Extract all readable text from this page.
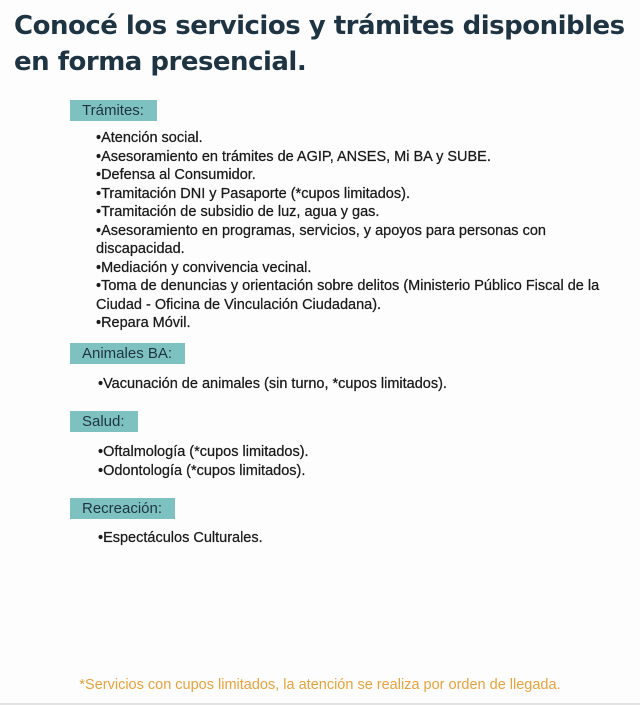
Conocé los servicios y trámites disponibles en forma presencial.
Trámites:
•Atención social.
•Asesoramiento en trámites de AGIP, ANSES, Mi BA y SUBE.
•Defensa al Consumidor.
•Tramitación DNI y Pasaporte (*cupos limitados).
•Tramitación de subsidio de luz, agua y gas.
•Asesoramiento en programas, servicios, y apoyos para personas con discapacidad.
•Mediación y convivencia vecinal.
•Toma de denuncias y orientación sobre delitos (Ministerio Público Fiscal de la Ciudad - Oficina de Vinculación Ciudadana).
•Repara Móvil.
Animales BA:
•Vacunación de animales (sin turno, *cupos limitados).
Salud:
•Oftalmología (*cupos limitados).
•Odontología (*cupos limitados).
Recreación:
•Espectáculos Culturales.

*Servicios con cupos limitados, la atención se realiza por orden de llegada.
